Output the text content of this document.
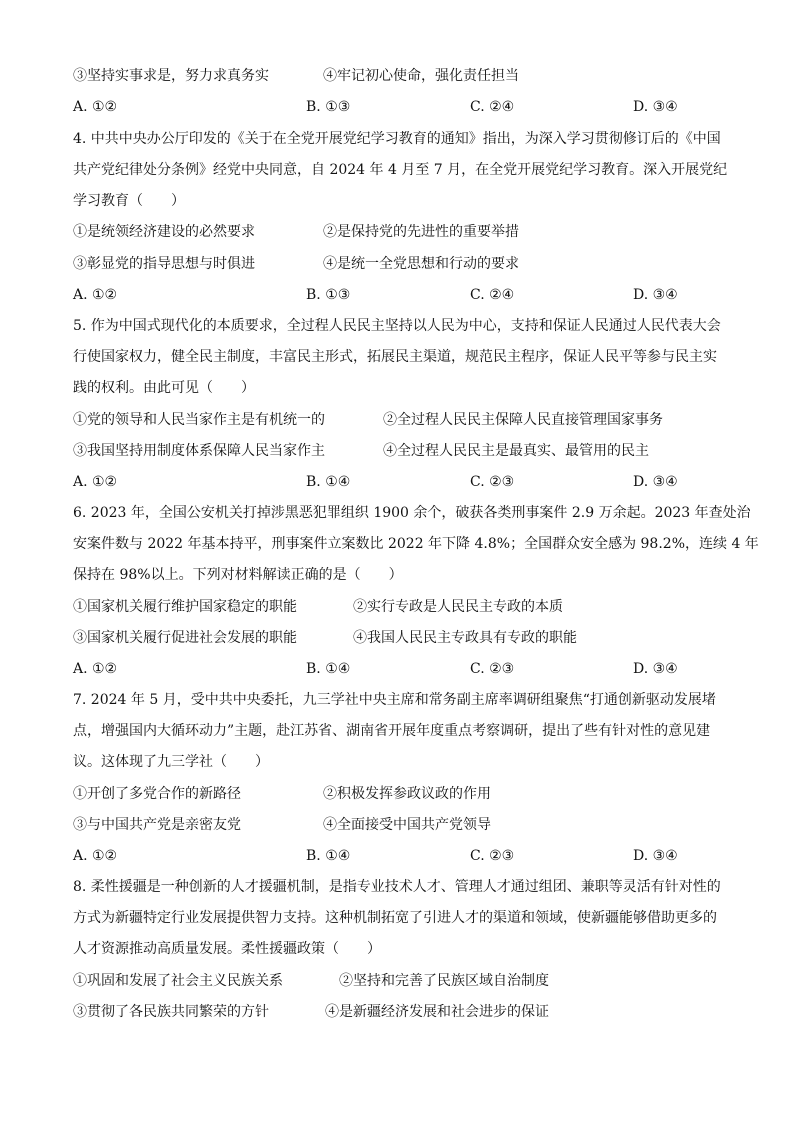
③坚持实事求是，努力求真务实	④牢记初心使命，强化责任担当
A. ①②	B. ①③	C. ②④	D. ③④
4. 中共中央办公厅印发的《关于在全党开展党纪学习教育的通知》指出，为深入学习贯彻修订后的《中国
共产党纪律处分条例》经党中央同意，自 2024 年 4 月至 7 月，在全党开展党纪学习教育。深入开展党纪
学习教育（　　）
①是统领经济建设的必然要求	②是保持党的先进性的重要举措
③彰显党的指导思想与时俱进	④是统一全党思想和行动的要求
A. ①②	B. ①③	C. ②④	D. ③④
5. 作为中国式现代化的本质要求，全过程人民民主坚持以人民为中心，支持和保证人民通过人民代表大会
行使国家权力，健全民主制度，丰富民主形式，拓展民主渠道，规范民主程序，保证人民平等参与民主实
践的权利。由此可见（　　）
①党的领导和人民当家作主是有机统一的	②全过程人民民主保障人民直接管理国家事务
③我国坚持用制度体系保障人民当家作主	④全过程人民民主是最真实、最管用的民主
A. ①②	B. ①④	C. ②③	D. ③④
6. 2023 年，全国公安机关打掉涉黑恶犯罪组织 1900 余个，破获各类刑事案件 2.9 万余起。2023 年查处治
安案件数与 2022 年基本持平，刑事案件立案数比 2022 年下降 4.8%；全国群众安全感为 98.2%，连续 4 年
保持在 98%以上。下列对材料解读正确的是（　　）
①国家机关履行维护国家稳定的职能	②实行专政是人民民主专政的本质
③国家机关履行促进社会发展的职能	④我国人民民主专政具有专政的职能
A. ①②	B. ①④	C. ②③	D. ③④
7. 2024 年 5 月，受中共中央委托，九三学社中央主席和常务副主席率调研组聚焦“打通创新驱动发展堵
点，增强国内大循环动力”主题，赴江苏省、湖南省开展年度重点考察调研，提出了些有针对性的意见建
议。这体现了九三学社（　　）
①开创了多党合作的新路径	②积极发挥参政议政的作用
③与中国共产党是亲密友党	④全面接受中国共产党领导
A. ①②	B. ①④	C. ②③	D. ③④
8. 柔性援疆是一种创新的人才援疆机制，是指专业技术人才、管理人才通过组团、兼职等灵活有针对性的
方式为新疆特定行业发展提供智力支持。这种机制拓宽了引进人才的渠道和领域，使新疆能够借助更多的
人才资源推动高质量发展。柔性援疆政策（　　）
①巩固和发展了社会主义民族关系	②坚持和完善了民族区域自治制度
③贯彻了各民族共同繁荣的方针	④是新疆经济发展和社会进步的保证
